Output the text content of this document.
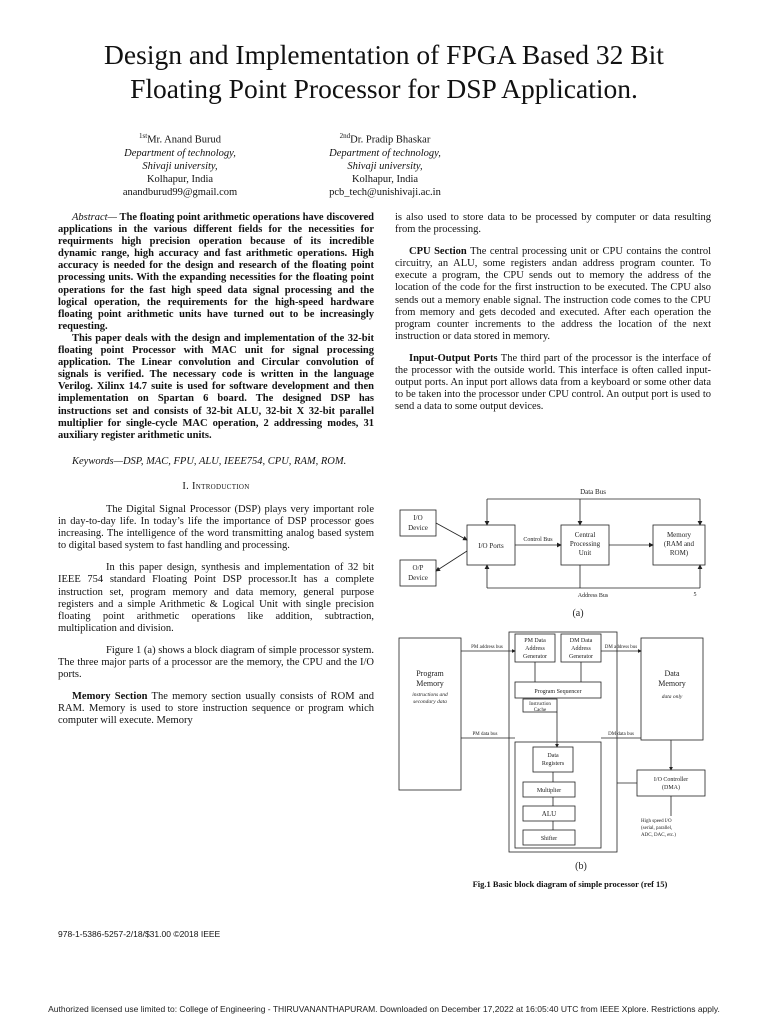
Design and Implementation of FPGA Based 32 Bit
Floating Point Processor for DSP Application.
$^{1st}$Mr. Anand Burud
Department of technology,
Shivaji university,
Kolhapur, India
anandburud99@gmail.com
$^{2nd}$Dr. Pradip Bhaskar
Department of technology,
Shivaji university,
Kolhapur, India
pcb_tech@unishivaji.ac.in

Abstract— The floating point arithmetic operations have discovered applications in the various different fields for the necessities for requirments high precision operation because of its incredible dynamic range, high accuracy and fast arithmetic operations. High accuracy is needed for the design and research of the floating point processing units. With the expanding necessities for the floating point operations for the fast high speed data signal processing and the logical operation, the requirements for the high-speed hardware floating point arithmetic units have turned out to be increasingly requesting.

This paper deals with the design and implementation of the 32-bit floating point Processor with MAC unit for signal processing application. The Linear convolution and Circular convolution of signals is verified. The necessary code is written in the language Verilog. Xilinx 14.7 suite is used for software development and then implementation on Spartan 6 board. The designed DSP has instructions set and consists of 32-bit ALU, 32-bit X 32-bit parallel multiplier for single-cycle MAC operation, 2 addressing modes, 31 auxiliary register arithmetic units.

Keywords—DSP, MAC, FPU, ALU, IEEE754, CPU, RAM, ROM.

I. Introduction

The Digital Signal Processor (DSP) plays very important role in day-to-day life. In today’s life the importance of DSP processor goes increasing. The intelligence of the word transmitting analog based system to digital based system to fast handling and processing.

In this paper design, synthesis and implementation of 32 bit IEEE 754 standard Floating Point DSP processor.It has a complete instruction set, program memory and data memory, general purpose registers and a simple Arithmetic & Logical Unit with single precision floating point arithmetic operations like addition, subtraction, multiplication and division.

Figure 1 (a) shows a block diagram of simple processor system. The three major parts of a processor are the memory, the CPU and the I/O ports.

Memory Section The memory section usually consists of ROM and RAM. Memory is used to store instruction sequence or program which computer will execute. Memory

is also used to store data to be processed by computer or data resulting from the processing.

CPU Section The central processing unit or CPU contains the control circuitry, an ALU, some registers andan address program counter. To execute a program, the CPU sends out to memory the address of the location of the code for the first instruction to be executed. The CPU also sends out a memory enable signal. The instruction code comes to the CPU from memory and gets decoded and executed. After each operation the program counter increments to the address the location of the next instruction or data stored in memory.

Input-Output Ports The third part of the processor is the interface of the processor with the outside world. This interface is often called input-output ports. An input port allows data from a keyboard or some other data to be taken into the processor under CPU control. An output port is used to send a data to some output devices.

Data Bus
I/O
Device
I/O Ports
Control Bus
Central
Processing
Unit
Memory
(RAM and
ROM)
O/P
Device
Address Bus	5
(a)
PM Data
Address
Generator
DM Data
Address
Generator
PM address bus	DM address bus
Program
Memory
instructions and
secondary data
Data
Memory
data only
Program Sequencer
Instruction
Cache
PM data bus	DM data bus
Data
Registers
Multiplier
ALU
Shifter
I/O Controller
(DMA)
High speed I/O
(serial, parallel,
ADC, DAC, etc.)
(b)
Fig.1 Basic block diagram of simple processor (ref 15)
978-1-5386-5257-2/18/$31.00 ©2018 IEEE
Authorized licensed use limited to: College of Engineering - THIRUVANANTHAPURAM. Downloaded on December 17,2022 at 16:05:40 UTC from IEEE Xplore. Restrictions apply.
